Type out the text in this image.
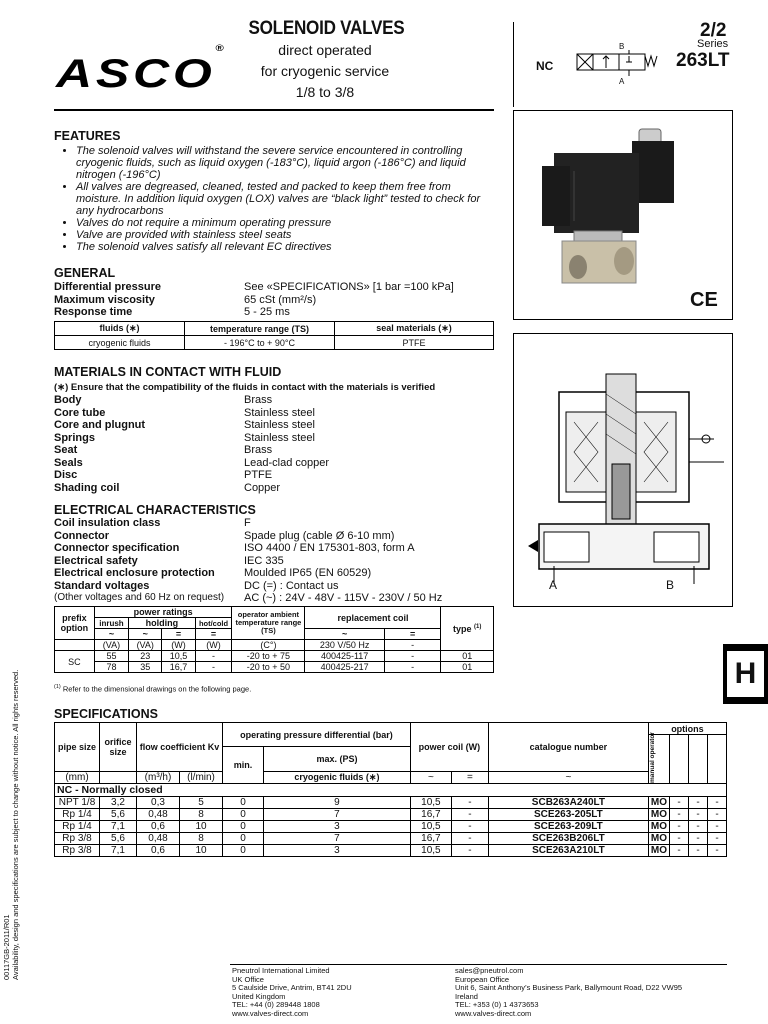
ASCO®
SOLENOID VALVES
direct operated
for cryogenic service
1/8 to 3/8
NC
B
A
2/2
Series
263LT
CE
A	B
H
FEATURES
• The solenoid valves will withstand the severe service encountered in controlling cryogenic fluids, such as liquid oxygen (-183°C), liquid argon (-186°C) and liquid nitrogen (-196°C)
• All valves are degreased, cleaned, tested and packed to keep them free from moisture. In addition liquid oxygen (LOX) valves are “black light” tested to check for any hydrocarbons
• Valves do not require a minimum operating pressure
• Valve are provided with stainless steel seats
• The solenoid valves satisfy all relevant EC directives
GENERAL
Differential pressure	See «SPECIFICATIONS» [1 bar =100 kPa]
Maximum viscosity	65 cSt (mm²/s)
Response time	5 - 25 ms
fluids (∗)	temperature range (TS)	seal materials (∗)
cryogenic fluids	- 196°C to + 90°C	PTFE
MATERIALS IN CONTACT WITH FLUID
(∗) Ensure that the compatibility of the fluids in contact with the materials is verified
Body	Brass
Core tube	Stainless steel
Core and plugnut	Stainless steel
Springs	Stainless steel
Seat	Brass
Seals	Lead-clad copper
Disc	PTFE
Shading coil	Copper
ELECTRICAL CHARACTERISTICS
Coil insulation class	F
Connector	Spade plug (cable Ø 6-10 mm)
Connector specification	ISO 4400 / EN 175301-803, form A
Electrical safety	IEC 335
Electrical enclosure protection	Moulded IP65 (EN 60529)
Standard voltages	DC (=) : Contact us
(Other voltages and 60 Hz on request) AC (~) : 24V - 48V - 115V - 230V / 50 Hz
prefix option	power ratings				operator ambient temperature range (TS)	replacement coil		type $^{(1)}$
	inrush	holding		hot/cold				
	~	~	=	=		~	=	
	(VA)	(VA)	(W)	(W)	(C°)	230 V/50 Hz	-	
SC	55	23	10,5	-	-20 to + 75	400425-117	-	01
	78	35	16,7	-	-20 to + 50	400425-217	-	01
$^{(1)}$ Refer to the dimensional drawings on the following page.
SPECIFICATIONS
pipe size	orifice size	flow coefficient Kv		operating pressure differential (bar)		power coil (W)		catalogue number	options			

									manual operator			

				min.	max. (PS)							
(mm)		(m³/h)	(l/min)		cryogenic fluids (∗)	~	=	~				
NC - Normally closed												
NPT 1/8	3,2	0,3	5	0	9	10,5	-	SCB263A240LT	MO	-	-	-
Rp 1/4	5,6	0,48	8	0	7	16,7	-	SCE263-205LT	MO	-	-	-
Rp 1/4	7,1	0,6	10	0	3	10,5	-	SCE263-209LT	MO	-	-	-
Rp 3/8	5,6	0,48	8	0	7	16,7	-	SCE263B206LT	MO	-	-	-
Rp 3/8	7,1	0,6	10	0	3	10,5	-	SCE263A210LT	MO	-	-	-
00117GB-2011/R01 Availability, design and specifications are subject to change without notice. All rights reserved.	Pneutrol International Limited
UK Office
5 Caulside Drive, Antrim, BT41 2DU
United Kingdom
TEL: +44 (0) 289448 1808
www.valves-direct.com
sales@pneutrol.com
European Office
Unit 6, Saint Anthony’s Business Park, Ballymount Road, D22 VW95
Ireland
TEL: +353 (0) 1 4373653
www.valves-direct.com
